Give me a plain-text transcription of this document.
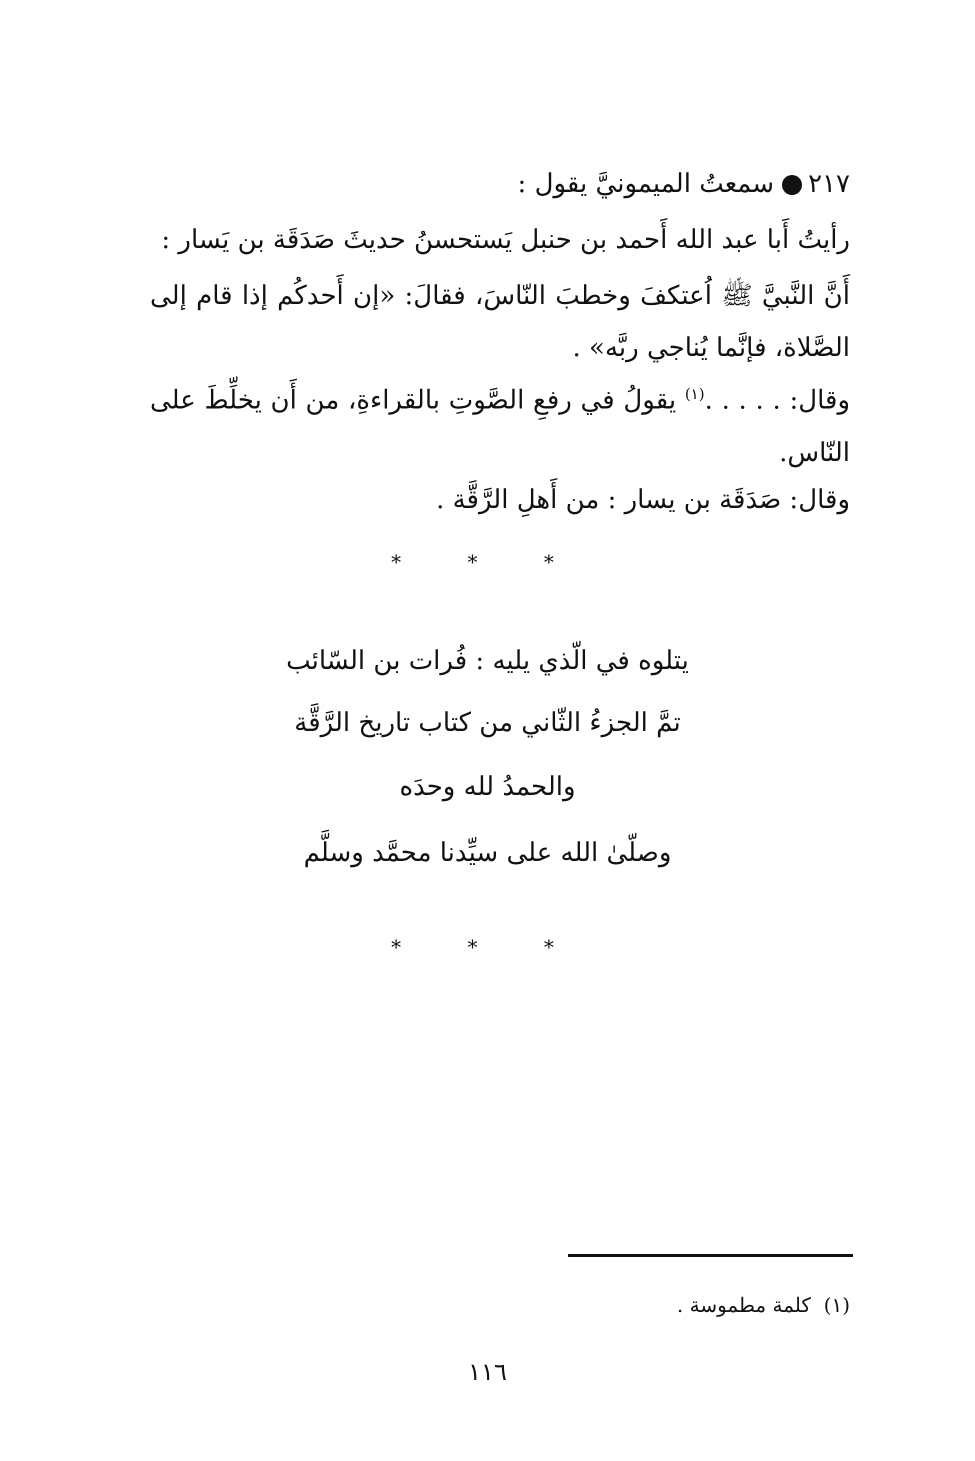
٢١٧سمعتُ الميمونيَّ يقول :
رأيتُ أَبا عبد الله أَحمد بن حنبل يَستحسنُ حديثَ صَدَقَة بن يَسار :
أَنَّ النَّبيَّ ﷺ اُعتكفَ وخطبَ النّاسَ، فقالَ: «إن أَحدكُم إذا قام إلى الصَّلاة، فإنَّما يُناجي ربَّه» .
وقال: . . . . .$^{(١)}$ يقولُ في رفعِ الصَّوتِ بالقراءةِ، من أَن يخلِّطَ على النّاس.
وقال: صَدَقَة بن يسار : من أَهلِ الرَّقَّة .
* * *
يتلوه في الّذي يليه : فُرات بن السّائب
تمَّ الجزءُ الثّاني من كتاب تاريخ الرَّقَّة
والحمدُ لله وحدَه
وصلّىٰ الله على سيِّدنا محمَّد وسلَّم
* * *
(١)  كلمة مطموسة .
١١٦
